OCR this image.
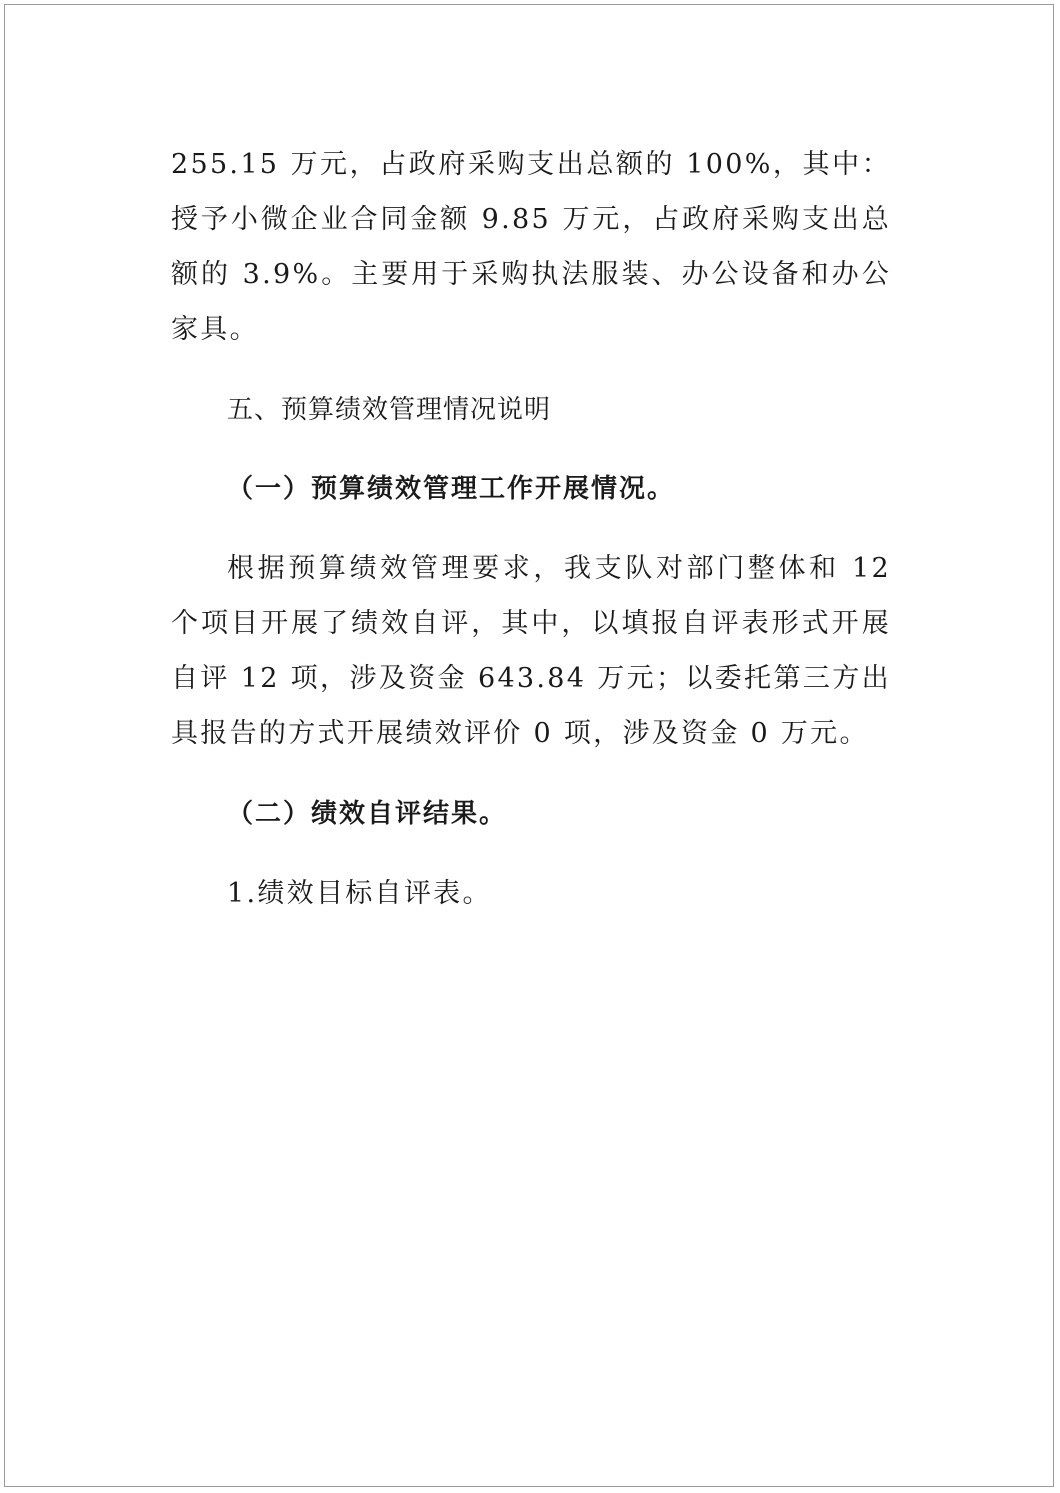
255.15 万元，占政府采购支出总额的 100%，其中：授予小微企业合同金额 9.85 万元，占政府采购支出总额的 3.9%。主要用于采购执法服装、办公设备和办公家具。

五、预算绩效管理情况说明

（一）预算绩效管理工作开展情况。

根据预算绩效管理要求，我支队对部门整体和 12 个项目开展了绩效自评，其中，以填报自评表形式开展自评 12 项，涉及资金 643.84 万元；以委托第三方出具报告的方式开展绩效评价 0 项，涉及资金 0 万元。

（二）绩效自评结果。

1.绩效目标自评表。
